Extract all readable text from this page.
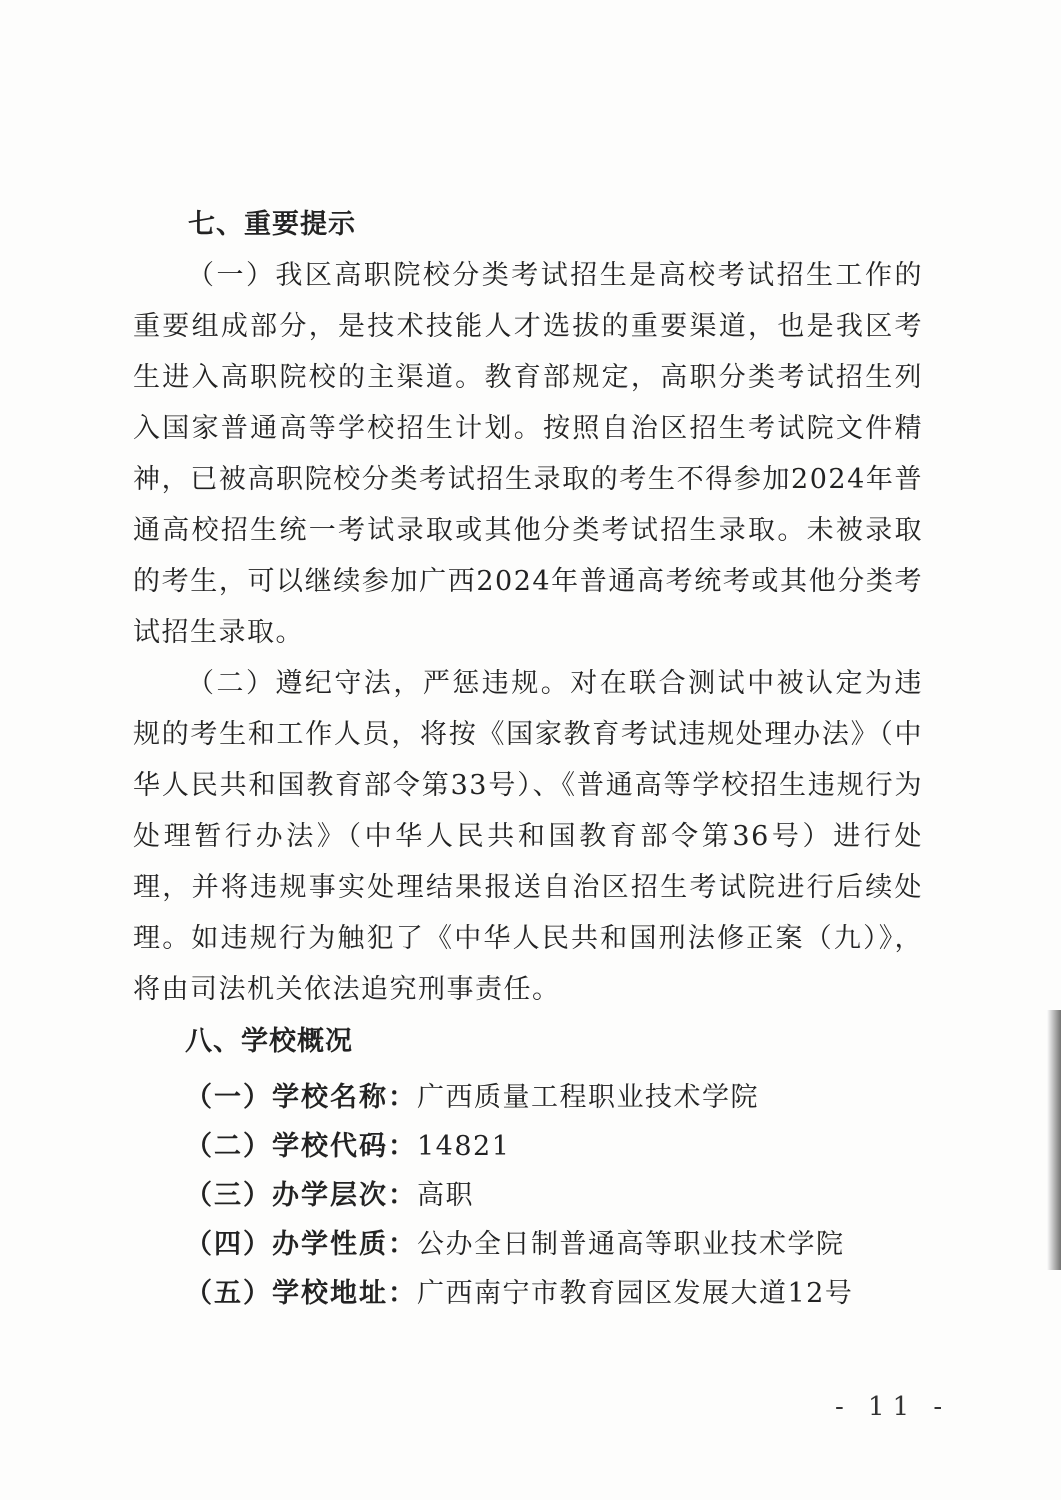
七、重要提示

（一）我区高职院校分类考试招生是高校考试招生工作的重要组成部分，是技术技能人才选拔的重要渠道，也是我区考生进入高职院校的主渠道。教育部规定，高职分类考试招生列入国家普通高等学校招生计划。按照自治区招生考试院文件精神，已被高职院校分类考试招生录取的考生不得参加2024年普通高校招生统一考试录取或其他分类考试招生录取。未被录取的考生，可以继续参加广西2024年普通高考统考或其他分类考试招生录取。

（二）遵纪守法，严惩违规。对在联合测试中被认定为违规的考生和工作人员，将按《国家教育考试违规处理办法》（中华人民共和国教育部令第33号）、《普通高等学校招生违规行为处理暂行办法》（中华人民共和国教育部令第36号）进行处理，并将违规事实处理结果报送自治区招生考试院进行后续处理。如违规行为触犯了《中华人民共和国刑法修正案（九）》，将由司法机关依法追究刑事责任。

八、学校概况
（一）学校名称：广西质量工程职业技术学院
（二）学校代码：14821
（三）办学层次：高职
（四）办学性质：公办全日制普通高等职业技术学院
（五）学校地址：广西南宁市教育园区发展大道12号
- 11 -
